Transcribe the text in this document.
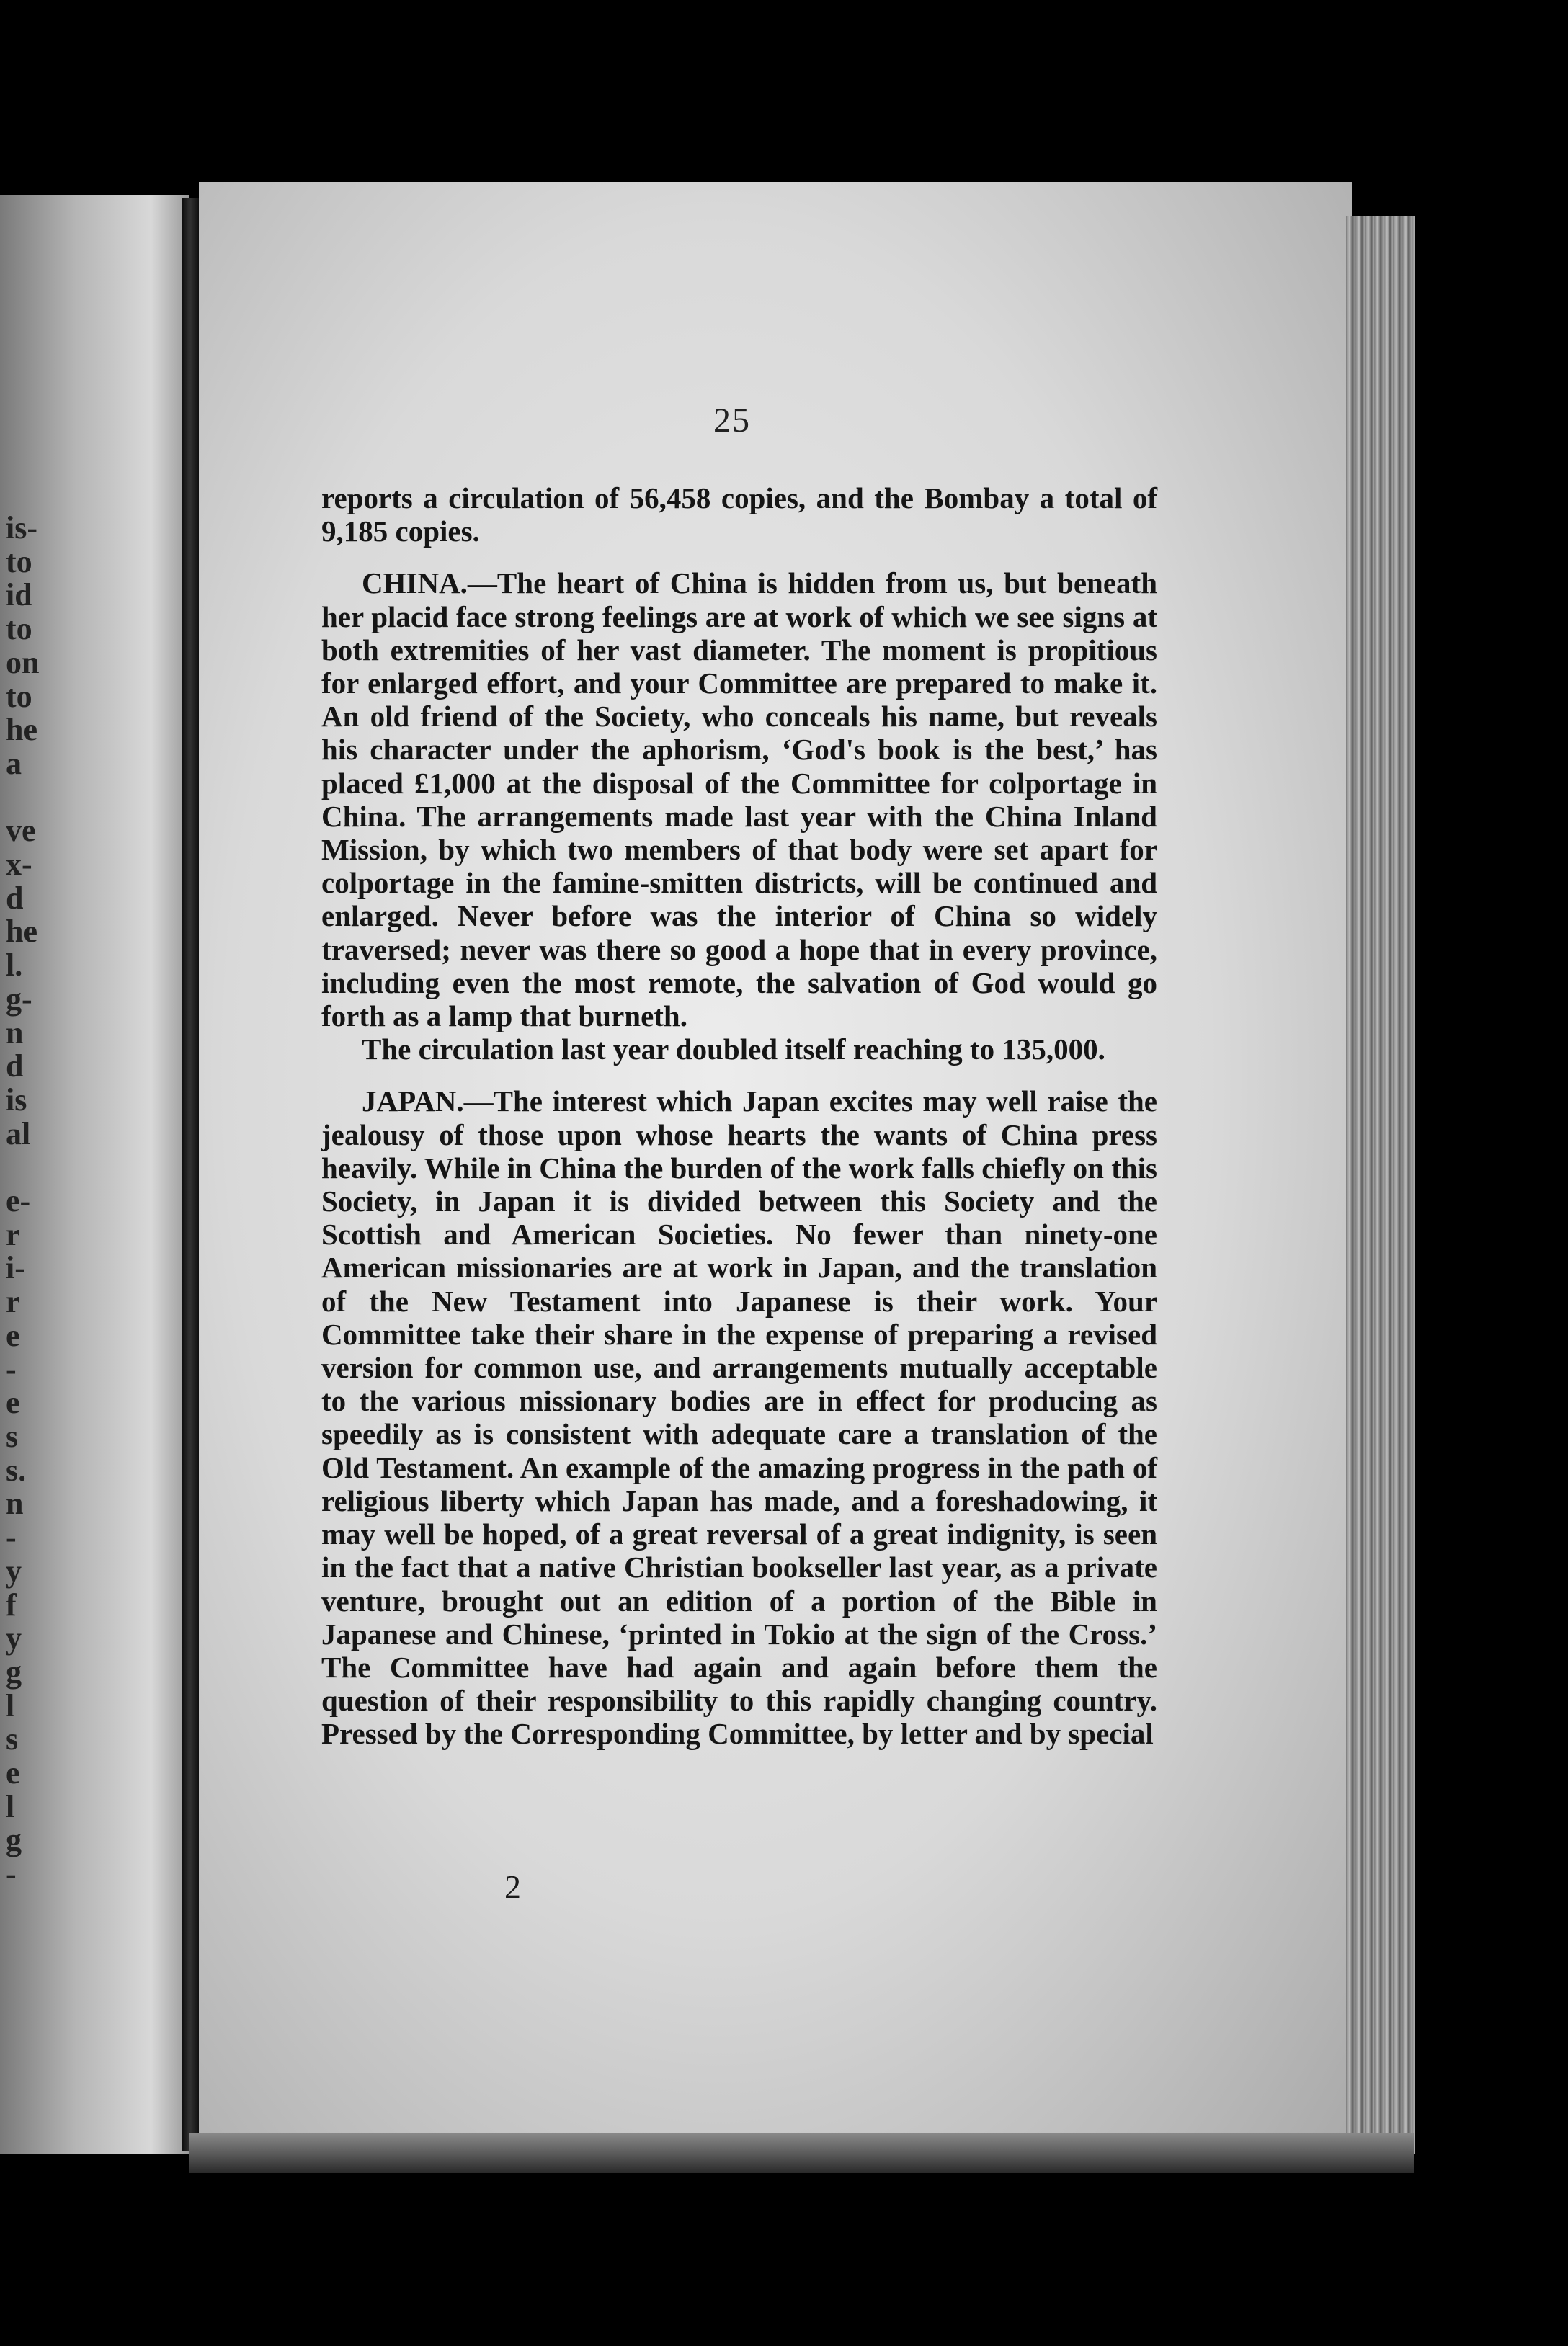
is-
to
id
to
on
to
he
a

ve
x-
d
he
l.
g-
n
d
is
al

e-
r
i-
r
e
-
e
s
s.
n
-
y
f
y
g
l
s
e
l
g
-
25

reports a circulation of 56,458 copies, and the Bombay a total of 9,185 copies.

CHINA.—The heart of China is hidden from us, but beneath her placid face strong feelings are at work of which we see signs at both extremities of her vast diameter. The moment is propitious for enlarged effort, and your Committee are prepared to make it. An old friend of the Society, who conceals his name, but reveals his character under the aphorism, ‘God's book is the best,’ has placed £1,000 at the disposal of the Committee for colportage in China. The arrangements made last year with the China Inland Mission, by which two members of that body were set apart for colportage in the famine-smitten districts, will be continued and enlarged. Never before was the interior of China so widely traversed; never was there so good a hope that in every province, including even the most remote, the salvation of God would go forth as a lamp that burneth.

The circulation last year doubled itself reaching to 135,000.

JAPAN.—The interest which Japan excites may well raise the jealousy of those upon whose hearts the wants of China press heavily. While in China the burden of the work falls chiefly on this Society, in Japan it is divided between this Society and the Scottish and American Societies. No fewer than ninety-one American missionaries are at work in Japan, and the translation of the New Testament into Japanese is their work. Your Committee take their share in the expense of preparing a revised version for common use, and arrangements mutually acceptable to the various missionary bodies are in effect for producing as speedily as is consistent with adequate care a translation of the Old Testament. An example of the amazing progress in the path of religious liberty which Japan has made, and a foreshadowing, it may well be hoped, of a great reversal of a great indignity, is seen in the fact that a native Christian bookseller last year, as a private venture, brought out an edition of a portion of the Bible in Japanese and Chinese, ‘printed in Tokio at the sign of the Cross.’ The Committee have had again and again before them the question of their responsibility to this rapidly changing country. Pressed by the Corresponding Committee, by letter and by special

2
